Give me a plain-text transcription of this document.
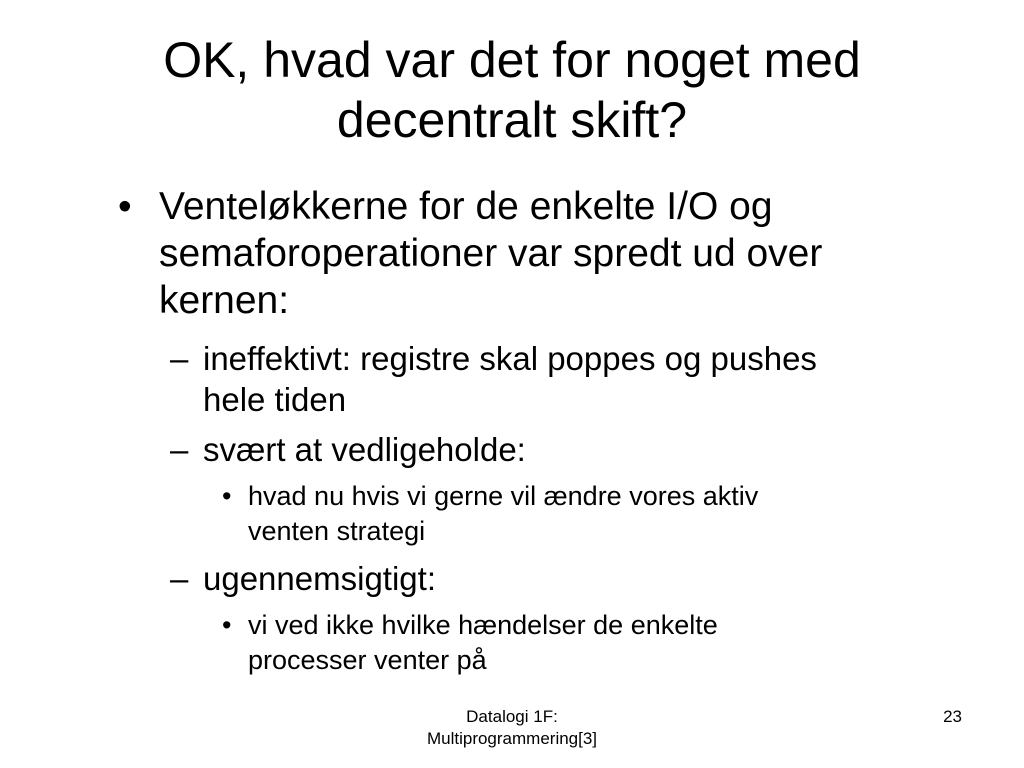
OK, hvad var det for noget med
decentralt skift?
• Venteløkkerne for de enkelte I/O og
semaforoperationer var spredt ud over
kernen:
– ineffektivt: registre skal poppes og pushes
hele tiden
– svært at vedligeholde:
• hvad nu hvis vi gerne vil ændre vores aktiv
venten strategi
– ugennemsigtigt:
• vi ved ikke hvilke hændelser de enkelte
processer venter på
Datalogi 1F:
Multiprogrammering[3]
23
